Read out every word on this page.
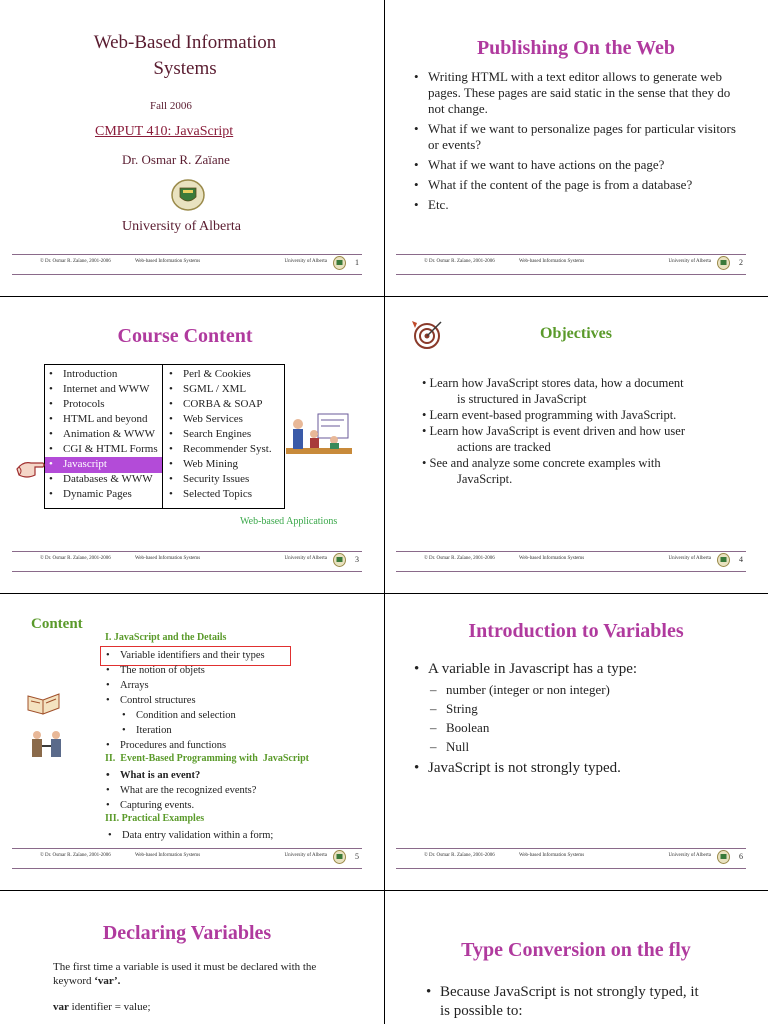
Web-Based Information
Systems
Fall 2006
CMPUT 410: JavaScript
Dr. Osmar R. Zaïane
University of Alberta
© Dr. Osmar R. Zaïane, 2001-2006	Web-based Information Systems	University of Alberta	1
Publishing On the Web
• Writing HTML with a text editor allows to generate web pages. These pages are said static in the sense that they do not change.
• What if we want to personalize pages for particular visitors or events?
• What if we want to have actions on the page?
• What if the content of the page is from a database?
• Etc.
© Dr. Osmar R. Zaïane, 2001-2006	Web-based Information Systems	University of Alberta	2
Course Content
• Introduction
• Internet and WWW
• Protocols
• HTML and beyond
• Animation & WWW
• CGI & HTML Forms
• Javascript
• Databases & WWW
• Dynamic Pages
• Perl & Cookies
• SGML / XML
• CORBA & SOAP
• Web Services
• Search Engines
• Recommender Syst.
• Web Mining
• Security Issues
• Selected Topics
Web-based Applications
© Dr. Osmar R. Zaïane, 2001-2006	Web-based Information Systems	University of Alberta	3
Objectives
• Learn how JavaScript stores data, how a document
is structured in JavaScript
• Learn event-based programming with JavaScript.
• Learn how JavaScript is event driven and how user
actions are tracked
• See and analyze some concrete examples with
JavaScript.
© Dr. Osmar R. Zaïane, 2001-2006	Web-based Information Systems	University of Alberta	4
Content
I. JavaScript and the Details
• Variable identifiers and their types
• The notion of objets
• Arrays
• Control structures
• Condition and selection
• Iteration
• Procedures and functions
II.  Event-Based Programming with  JavaScript
• What is an event?
• What are the recognized events?
• Capturing events.
III. Practical Examples
• Data entry validation within a form;
© Dr. Osmar R. Zaïane, 2001-2006	Web-based Information Systems	University of Alberta	5
Introduction to Variables
• A variable in Javascript has a type:
– number (integer or non integer)
– String
– Boolean
– Null
• JavaScript is not strongly typed.
© Dr. Osmar R. Zaïane, 2001-2006	Web-based Information Systems	University of Alberta	6
Declaring Variables
The first time a variable is used it must be declared with the
keyword ‘var’.
var identifier = value;
Type Conversion on the fly
• Because JavaScript is not strongly typed, it
is possible to:
